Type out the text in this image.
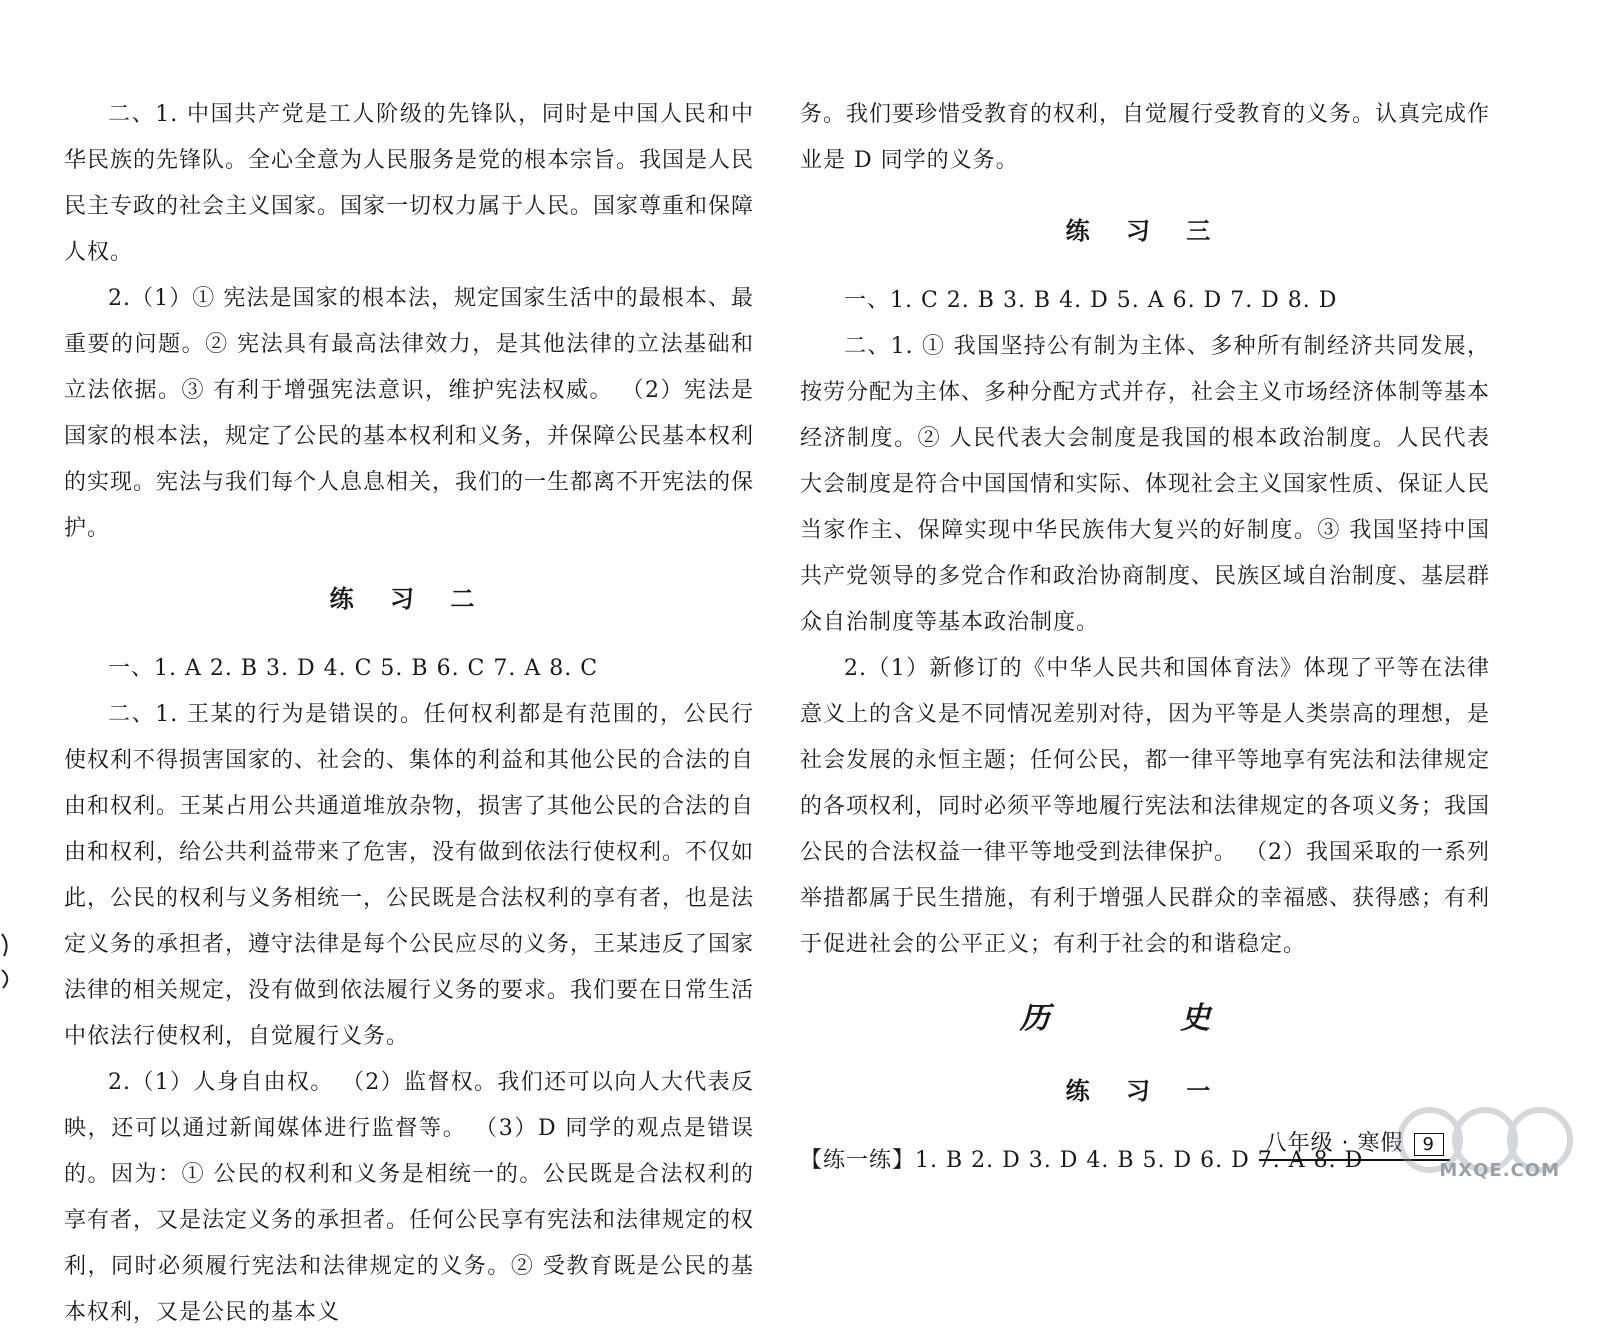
二、1. 中国共产党是工人阶级的先锋队，同时是中国人民和中华民族的先锋队。全心全意为人民服务是党的根本宗旨。我国是人民民主专政的社会主义国家。国家一切权力属于人民。国家尊重和保障人权。

2.（1）① 宪法是国家的根本法，规定国家生活中的最根本、最重要的问题。② 宪法具有最高法律效力，是其他法律的立法基础和立法依据。③ 有利于增强宪法意识，维护宪法权威。 （2）宪法是国家的根本法，规定了公民的基本权利和义务，并保障公民基本权利的实现。宪法与我们每个人息息相关，我们的一生都离不开宪法的保护。

练 习 二

一、1. A 2. B 3. D 4. C 5. B 6. C 7. A 8. C

二、1. 王某的行为是错误的。任何权利都是有范围的，公民行使权利不得损害国家的、社会的、集体的利益和其他公民的合法的自由和权利。王某占用公共通道堆放杂物，损害了其他公民的合法的自由和权利，给公共利益带来了危害，没有做到依法行使权利。不仅如此，公民的权利与义务相统一，公民既是合法权利的享有者，也是法定义务的承担者，遵守法律是每个公民应尽的义务，王某违反了国家法律的相关规定，没有做到依法履行义务的要求。我们要在日常生活中依法行使权利，自觉履行义务。

2.（1）人身自由权。 （2）监督权。我们还可以向人大代表反映，还可以通过新闻媒体进行监督等。 （3）D 同学的观点是错误的。因为：① 公民的权利和义务是相统一的。公民既是合法权利的享有者，又是法定义务的承担者。任何公民享有宪法和法律规定的权利，同时必须履行宪法和法律规定的义务。② 受教育既是公民的基本权利，又是公民的基本义

务。我们要珍惜受教育的权利，自觉履行受教育的义务。认真完成作业是 D 同学的义务。

练 习 三

一、1. C 2. B 3. B 4. D 5. A 6. D 7. D 8. D

二、1. ① 我国坚持公有制为主体、多种所有制经济共同发展，按劳分配为主体、多种分配方式并存，社会主义市场经济体制等基本经济制度。② 人民代表大会制度是我国的根本政治制度。人民代表大会制度是符合中国国情和实际、体现社会主义国家性质、保证人民当家作主、保障实现中华民族伟大复兴的好制度。③ 我国坚持中国共产党领导的多党合作和政治协商制度、民族区域自治制度、基层群众自治制度等基本政治制度。

2.（1）新修订的《中华人民共和国体育法》体现了平等在法律意义上的含义是不同情况差别对待，因为平等是人类崇高的理想，是社会发展的永恒主题；任何公民，都一律平等地享有宪法和法律规定的各项权利，同时必须平等地履行宪法和法律规定的各项义务；我国公民的合法权益一律平等地受到法律保护。 （2）我国采取的一系列举措都属于民生措施，有利于增强人民群众的幸福感、获得感；有利于促进社会的公平正义；有利于社会的和谐稳定。

历 史
练 习 一

【练一练】1. B 2. D 3. D 4. B 5. D 6. D 7. A 8. D

八年级 · 寒假 9
MXQE.COM
